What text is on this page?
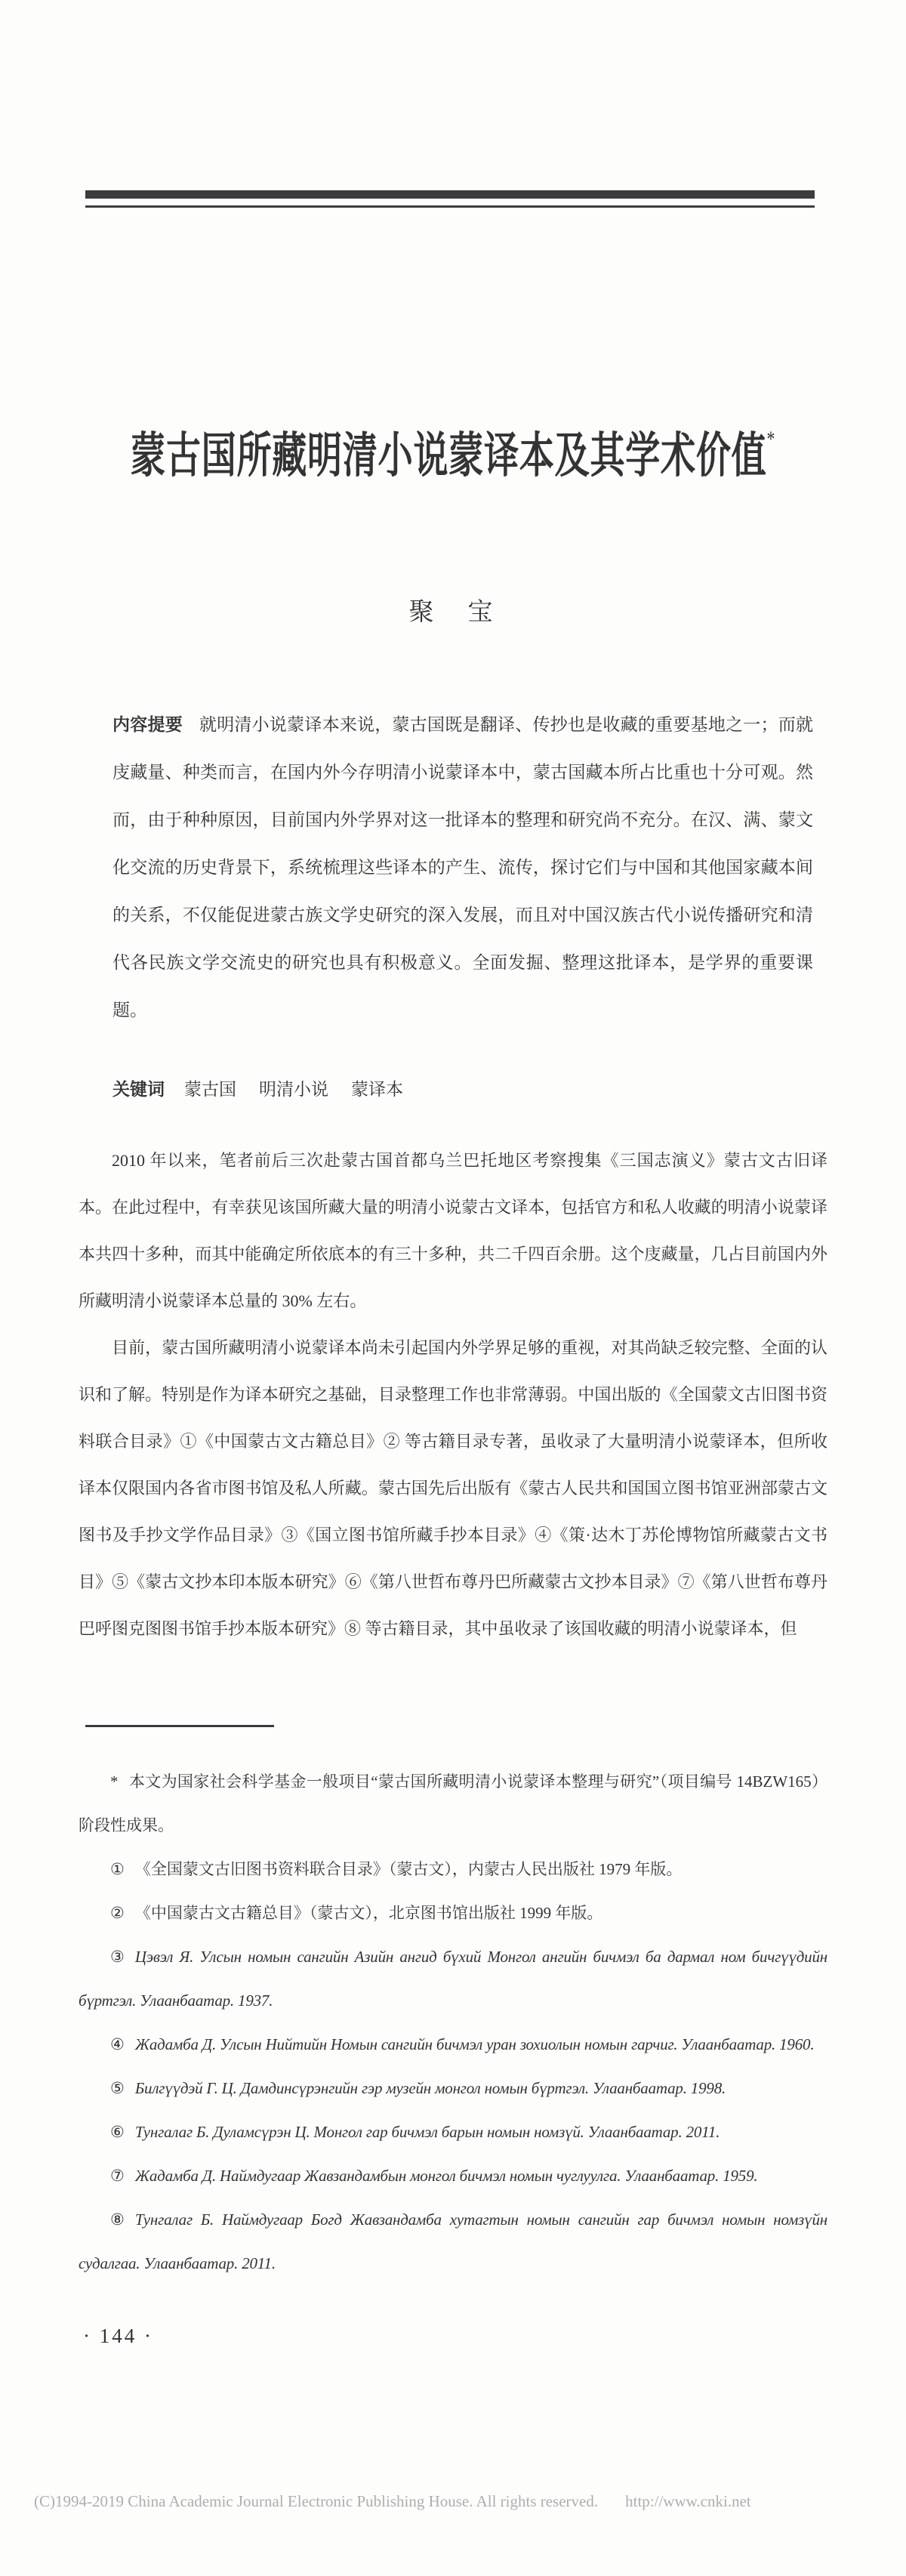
蒙古国所藏明清小说蒙译本及其学术价值*
聚　宝
内容提要 就明清小说蒙译本来说，蒙古国既是翻译、传抄也是收藏的重要基地之一；而就庋藏量、种类而言，在国内外今存明清小说蒙译本中，蒙古国藏本所占比重也十分可观。然而，由于种种原因，目前国内外学界对这一批译本的整理和研究尚不充分。在汉、满、蒙文化交流的历史背景下，系统梳理这些译本的产生、流传，探讨它们与中国和其他国家藏本间的关系，不仅能促进蒙古族文学史研究的深入发展，而且对中国汉族古代小说传播研究和清代各民族文学交流史的研究也具有积极意义。全面发掘、整理这批译本，是学界的重要课题。
关键词 蒙古国 明清小说 蒙译本

2010 年以来，笔者前后三次赴蒙古国首都乌兰巴托地区考察搜集《三国志演义》蒙古文古旧译本。在此过程中，有幸获见该国所藏大量的明清小说蒙古文译本，包括官方和私人收藏的明清小说蒙译本共四十多种，而其中能确定所依底本的有三十多种，共二千四百余册。这个庋藏量，几占目前国内外所藏明清小说蒙译本总量的 30% 左右。

目前，蒙古国所藏明清小说蒙译本尚未引起国内外学界足够的重视，对其尚缺乏较完整、全面的认识和了解。特别是作为译本研究之基础，目录整理工作也非常薄弱。中国出版的《全国蒙文古旧图书资料联合目录》①《中国蒙古文古籍总目》② 等古籍目录专著，虽收录了大量明清小说蒙译本，但所收译本仅限国内各省市图书馆及私人所藏。蒙古国先后出版有《蒙古人民共和国国立图书馆亚洲部蒙古文图书及手抄文学作品目录》③《国立图书馆所藏手抄本目录》④《策·达木丁苏伦博物馆所藏蒙古文书目》⑤《蒙古文抄本印本版本研究》⑥《第八世哲布尊丹巴所藏蒙古文抄本目录》⑦《第八世哲布尊丹巴呼图克图图书馆手抄本版本研究》⑧ 等古籍目录，其中虽收录了该国收藏的明清小说蒙译本，但

* 本文为国家社会科学基金一般项目“蒙古国所藏明清小说蒙译本整理与研究”（项目编号 14BZW165）阶段性成果。

① 《全国蒙文古旧图书资料联合目录》（蒙古文），内蒙古人民出版社 1979 年版。

② 《中国蒙古文古籍总目》（蒙古文），北京图书馆出版社 1999 年版。

③ Цэвэл Я. Улсын номын сангийн Азийн ангид бүхий Монгол ангийн бичмэл ба дармал ном бичгүүдийн бүртгэл. Улаанбаатар. 1937.

④ Жадамба Д. Улсын Нийтийн Номын сангийн бичмэл уран зохиолын номын гарчиг. Улаанбаатар. 1960.

⑤ Билгүүдэй Г. Ц. Дамдинсүрэнгийн гэр музейн монгол номын бүртгэл. Улаанбаатар. 1998.

⑥ Тунгалаг Б. Дуламсүрэн Ц. Монгол гар бичмэл барын номын номзүй. Улаанбаатар. 2011.

⑦ Жадамба Д. Наймдугаар Жавзандамбын монгол бичмэл номын чуглуулга. Улаанбаатар. 1959.

⑧ Тунгалаг Б. Наймдугаар Богд Жавзандамба хутагтын номын сангийн гар бичмэл номын номзүйн судалгаа. Улаанбаатар. 2011.

· 144 ·
(C)1994-2019 China Academic Journal Electronic Publishing House. All rights reserved. http://www.cnki.net
